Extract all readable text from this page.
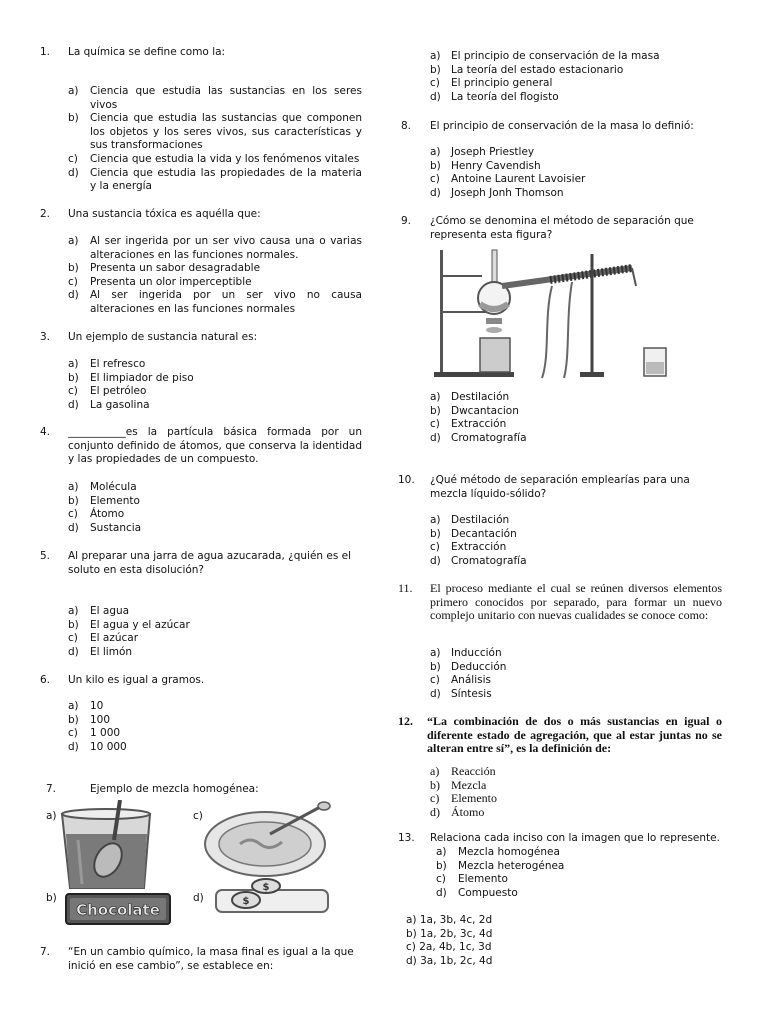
1. La química se define como la:
a) Ciencia que estudia las sustancias en los seres vivos
b) Ciencia que estudia las sustancias que componen los objetos y los seres vivos, sus características y sus transformaciones
c) Ciencia que estudia la vida y los fenómenos vitales
d) Ciencia que estudia las propiedades de la materia y la energía
2. Una sustancia tóxica es aquélla que:
a) Al ser ingerida por un ser vivo causa una o varias alteraciones en las funciones normales.
b) Presenta un sabor desagradable
c) Presenta un olor imperceptible
d) Al ser ingerida por un ser vivo no causa alteraciones en las funciones normales
3. Un ejemplo de sustancia natural es:
a) El refresco
b) El limpiador de piso
c) El petróleo
d) La gasolina
4. ___________es la partícula básica formada por un conjunto definido de átomos, que conserva la identidad y las propiedades de un compuesto.
a) Molécula
b) Elemento
c) Átomo
d) Sustancia
5. Al preparar una jarra de agua azucarada, ¿quién es el soluto en esta disolución?
a) El agua
b) El agua y el azúcar
c) El azúcar
d) El limón
6. Un kilo es igual a gramos.
a) 10
b) 100
c) 1 000
d) 10 000
7.	Ejemplo de mezcla homogénea:
a)	c)
b)	d)
Chocolate
$
$
7. “En un cambio químico, la masa final es igual a la que inició en ese cambio”, se establece en:
a) El principio de conservación de la masa
b) La teoría del estado estacionario
c) El principio general
d) La teoría del flogisto
8. El principio de conservación de la masa lo definió:
a) Joseph Priestley
b) Henry Cavendish
c) Antoine Laurent Lavoisier
d) Joseph Jonh Thomson
9. ¿Cómo se denomina el método de separación que representa esta figura?
a) Destilación
b) Dwcantacion
c) Extracción
d) Cromatografía
10. ¿Qué método de separación emplearías para una mezcla líquido-sólido?
a) Destilación
b) Decantación
c) Extracción
d) Cromatografía
11. El proceso mediante el cual se reúnen diversos elementos primero conocidos por separado, para formar un nuevo complejo unitario con nuevas cualidades se conoce como:
a) Inducción
b) Deducción
c) Análisis
d) Síntesis
12. “La combinación de dos o más sustancias en igual o diferente estado de agregación, que al estar juntas no se alteran entre sí”, es la definición de:
a) Reacción
b) Mezcla
c) Elemento
d) Átomo
13. Relaciona cada inciso con la imagen que lo represente.
a) Mezcla homogénea
b) Mezcla heterogénea
c) Elemento
d) Compuesto
a) 1a, 3b, 4c, 2d
b) 1a, 2b, 3c, 4d
c) 2a, 4b, 1c, 3d
d) 3a, 1b, 2c, 4d
